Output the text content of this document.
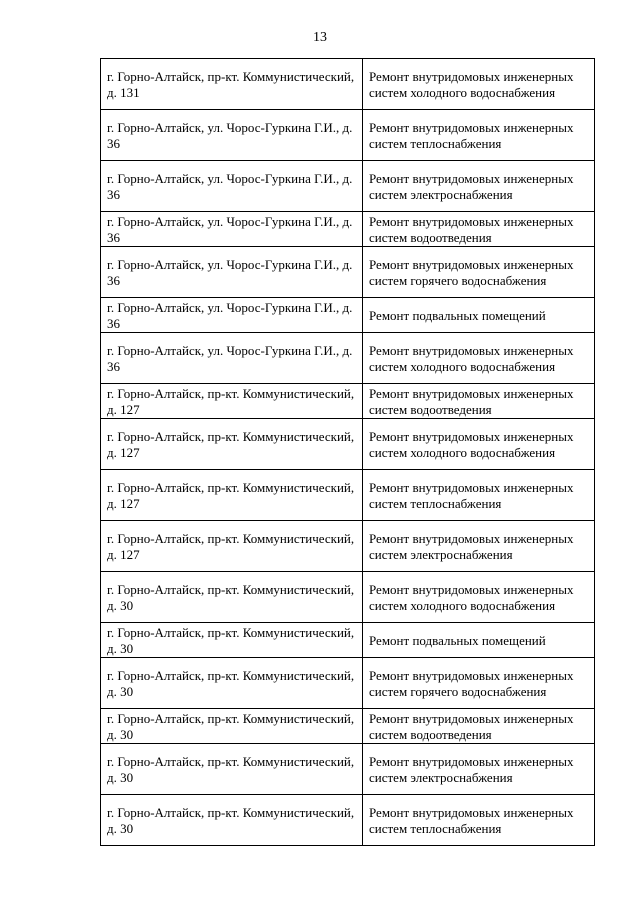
13
г. Горно-Алтайск, пр-кт. Коммунистический, д. 131	Ремонт внутридомовых инженерных систем холодного водоснабжения
г. Горно-Алтайск, ул. Чорос-Гуркина Г.И., д. 36	Ремонт внутридомовых инженерных систем теплоснабжения
г. Горно-Алтайск, ул. Чорос-Гуркина Г.И., д. 36	Ремонт внутридомовых инженерных систем электроснабжения
г. Горно-Алтайск, ул. Чорос-Гуркина Г.И., д. 36	Ремонт внутридомовых инженерных систем водоотведения
г. Горно-Алтайск, ул. Чорос-Гуркина Г.И., д. 36	Ремонт внутридомовых инженерных систем горячего водоснабжения
г. Горно-Алтайск, ул. Чорос-Гуркина Г.И., д. 36	Ремонт подвальных помещений
г. Горно-Алтайск, ул. Чорос-Гуркина Г.И., д. 36	Ремонт внутридомовых инженерных систем холодного водоснабжения
г. Горно-Алтайск, пр-кт. Коммунистический, д. 127	Ремонт внутридомовых инженерных систем водоотведения
г. Горно-Алтайск, пр-кт. Коммунистический, д. 127	Ремонт внутридомовых инженерных систем холодного водоснабжения
г. Горно-Алтайск, пр-кт. Коммунистический, д. 127	Ремонт внутридомовых инженерных систем теплоснабжения
г. Горно-Алтайск, пр-кт. Коммунистический, д. 127	Ремонт внутридомовых инженерных систем электроснабжения
г. Горно-Алтайск, пр-кт. Коммунистический, д. 30	Ремонт внутридомовых инженерных систем холодного водоснабжения
г. Горно-Алтайск, пр-кт. Коммунистический, д. 30	Ремонт подвальных помещений
г. Горно-Алтайск, пр-кт. Коммунистический, д. 30	Ремонт внутридомовых инженерных систем горячего водоснабжения
г. Горно-Алтайск, пр-кт. Коммунистический, д. 30	Ремонт внутридомовых инженерных систем водоотведения
г. Горно-Алтайск, пр-кт. Коммунистический, д. 30	Ремонт внутридомовых инженерных систем электроснабжения
г. Горно-Алтайск, пр-кт. Коммунистический, д. 30	Ремонт внутридомовых инженерных систем теплоснабжения
